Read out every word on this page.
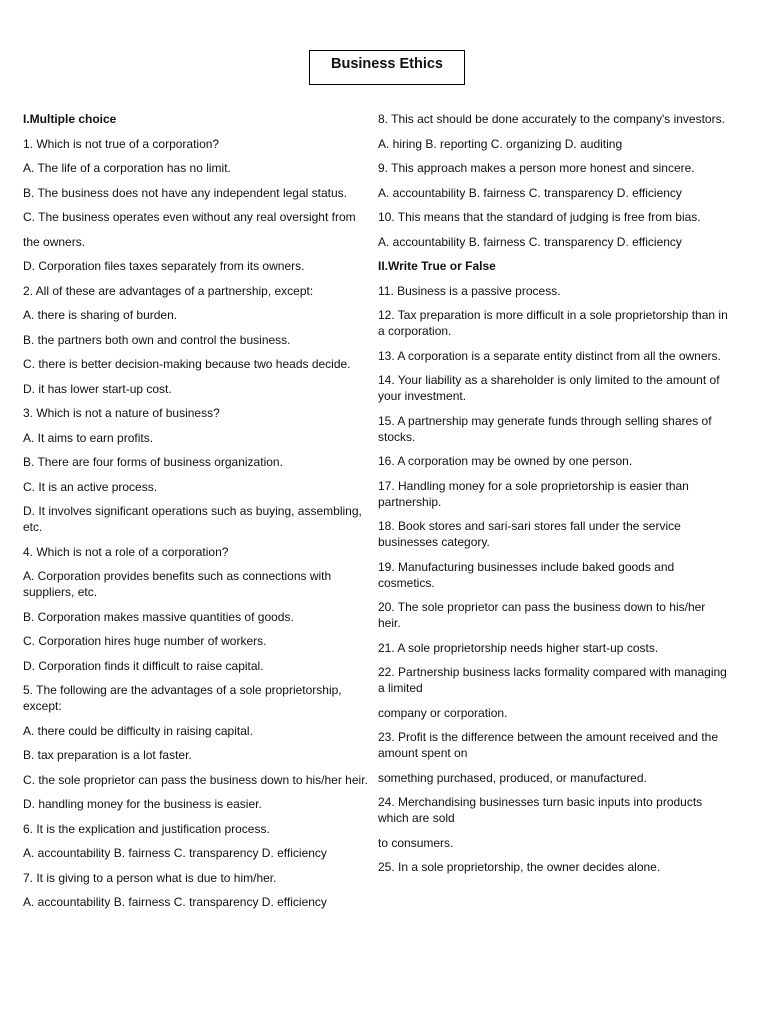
Business Ethics

I.Multiple choice

1. Which is not true of a corporation?

A. The life of a corporation has no limit.

B. The business does not have any independent legal status.

C. The business operates even without any real oversight from

the owners.

D. Corporation files taxes separately from its owners.

2. All of these are advantages of a partnership, except:

A. there is sharing of burden.

B. the partners both own and control the business.

C. there is better decision-making because two heads decide.

D. it has lower start-up cost.

3. Which is not a nature of business?

A. It aims to earn profits.

B. There are four forms of business organization.

C. It is an active process.

D. It involves significant operations such as buying, assembling, etc.

4. Which is not a role of a corporation?

A. Corporation provides benefits such as connections with suppliers, etc.

B. Corporation makes massive quantities of goods.

C. Corporation hires huge number of workers.

D. Corporation finds it difficult to raise capital.

5. The following are the advantages of a sole proprietorship, except:

A. there could be difficulty in raising capital.

B. tax preparation is a lot faster.

C. the sole proprietor can pass the business down to his/her heir.

D. handling money for the business is easier.

6. It is the explication and justification process.

A. accountability B. fairness C. transparency D. efficiency

7. It is giving to a person what is due to him/her.

A. accountability B. fairness C. transparency D. efficiency

8. This act should be done accurately to the company's investors.

A. hiring B. reporting C. organizing D. auditing

9. This approach makes a person more honest and sincere.

A. accountability B. fairness C. transparency D. efficiency

10. This means that the standard of judging is free from bias.

A. accountability B. fairness C. transparency D. efficiency

II.Write True or False

11. Business is a passive process.

12. Tax preparation is more difficult in a sole proprietorship than in a corporation.

13. A corporation is a separate entity distinct from all the owners.

14. Your liability as a shareholder is only limited to the amount of your investment.

15. A partnership may generate funds through selling shares of stocks.

16. A corporation may be owned by one person.

17. Handling money for a sole proprietorship is easier than partnership.

18. Book stores and sari-sari stores fall under the service businesses category.

19. Manufacturing businesses include baked goods and cosmetics.

20. The sole proprietor can pass the business down to his/her heir.

21. A sole proprietorship needs higher start-up costs.

22. Partnership business lacks formality compared with managing a limited

company or corporation.

23. Profit is the difference between the amount received and the amount spent on

something purchased, produced, or manufactured.

24. Merchandising businesses turn basic inputs into products which are sold

to consumers.

25. In a sole proprietorship, the owner decides alone.
